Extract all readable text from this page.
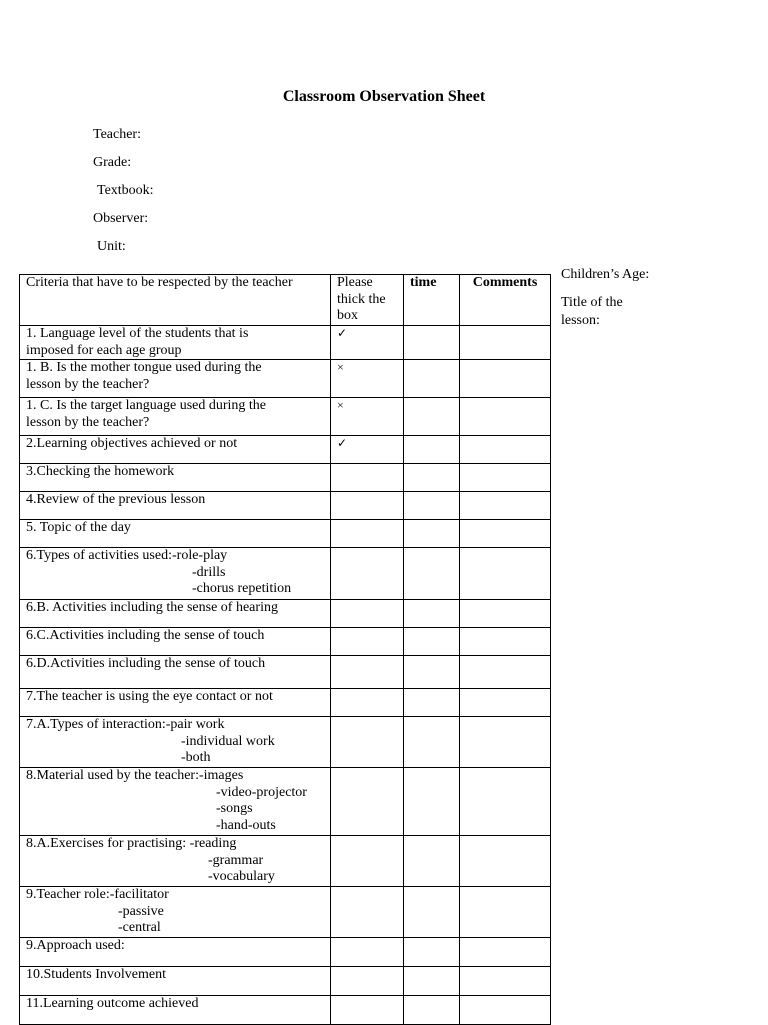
Classroom Observation Sheet
Teacher:
Grade:
Textbook:
Observer:
Unit:
Children’s Age:
Title of the
lesson:
Criteria that have to be respected by the teacher	Please
thick the
box	time	Comments

1. Language level of the students that is
imposed for each age group	✓		

1. B. Is the mother tongue used during the
lesson by the teacher?	×		

1. C. Is the target language used during the
lesson by the teacher?	×		

2.Learning objectives achieved or not	✓		

3.Checking the homework			

4.Review of the previous lesson			

5. Topic of the day			

6.Types of activities used:-role-play
-drills
-chorus repetition			

6.B. Activities including the sense of hearing			

6.C.Activities including the sense of touch			

6.D.Activities including the sense of touch			

7.The teacher is using the eye contact or not			

7.A.Types of interaction:-pair work
-individual work
-both			

8.Material used by the teacher:-images
-video-projector
-songs
-hand-outs			

8.A.Exercises for practising: -reading
-grammar
-vocabulary			

9.Teacher role:-facilitator
-passive
-central			

9.Approach used:			

10.Students Involvement			

11.Learning outcome achieved			
